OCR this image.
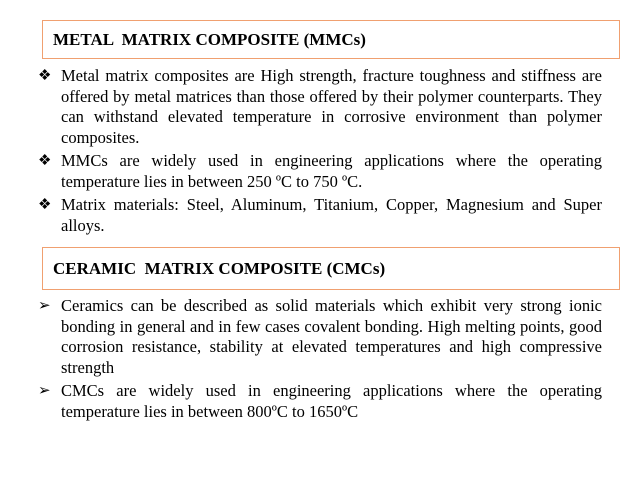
METAL  MATRIX COMPOSITE (MMCs)
❖ Metal matrix composites are High strength, fracture toughness and stiffness are offered by metal matrices than those offered by their polymer counterparts. They can withstand elevated temperature in corrosive environment than polymer composites.
❖ MMCs are widely used in engineering applications where the operating temperature lies in between 250 ºC to 750 ºC.
❖ Matrix materials: Steel, Aluminum, Titanium, Copper, Magnesium and Super alloys.
CERAMIC  MATRIX COMPOSITE (CMCs)
➢ Ceramics can be described as solid materials which exhibit very strong ionic bonding in general and in few cases covalent bonding. High melting points, good corrosion resistance, stability at elevated temperatures and high compressive strength
➢ CMCs are widely used in engineering applications where the operating temperature lies in between 800ºC to 1650ºC
